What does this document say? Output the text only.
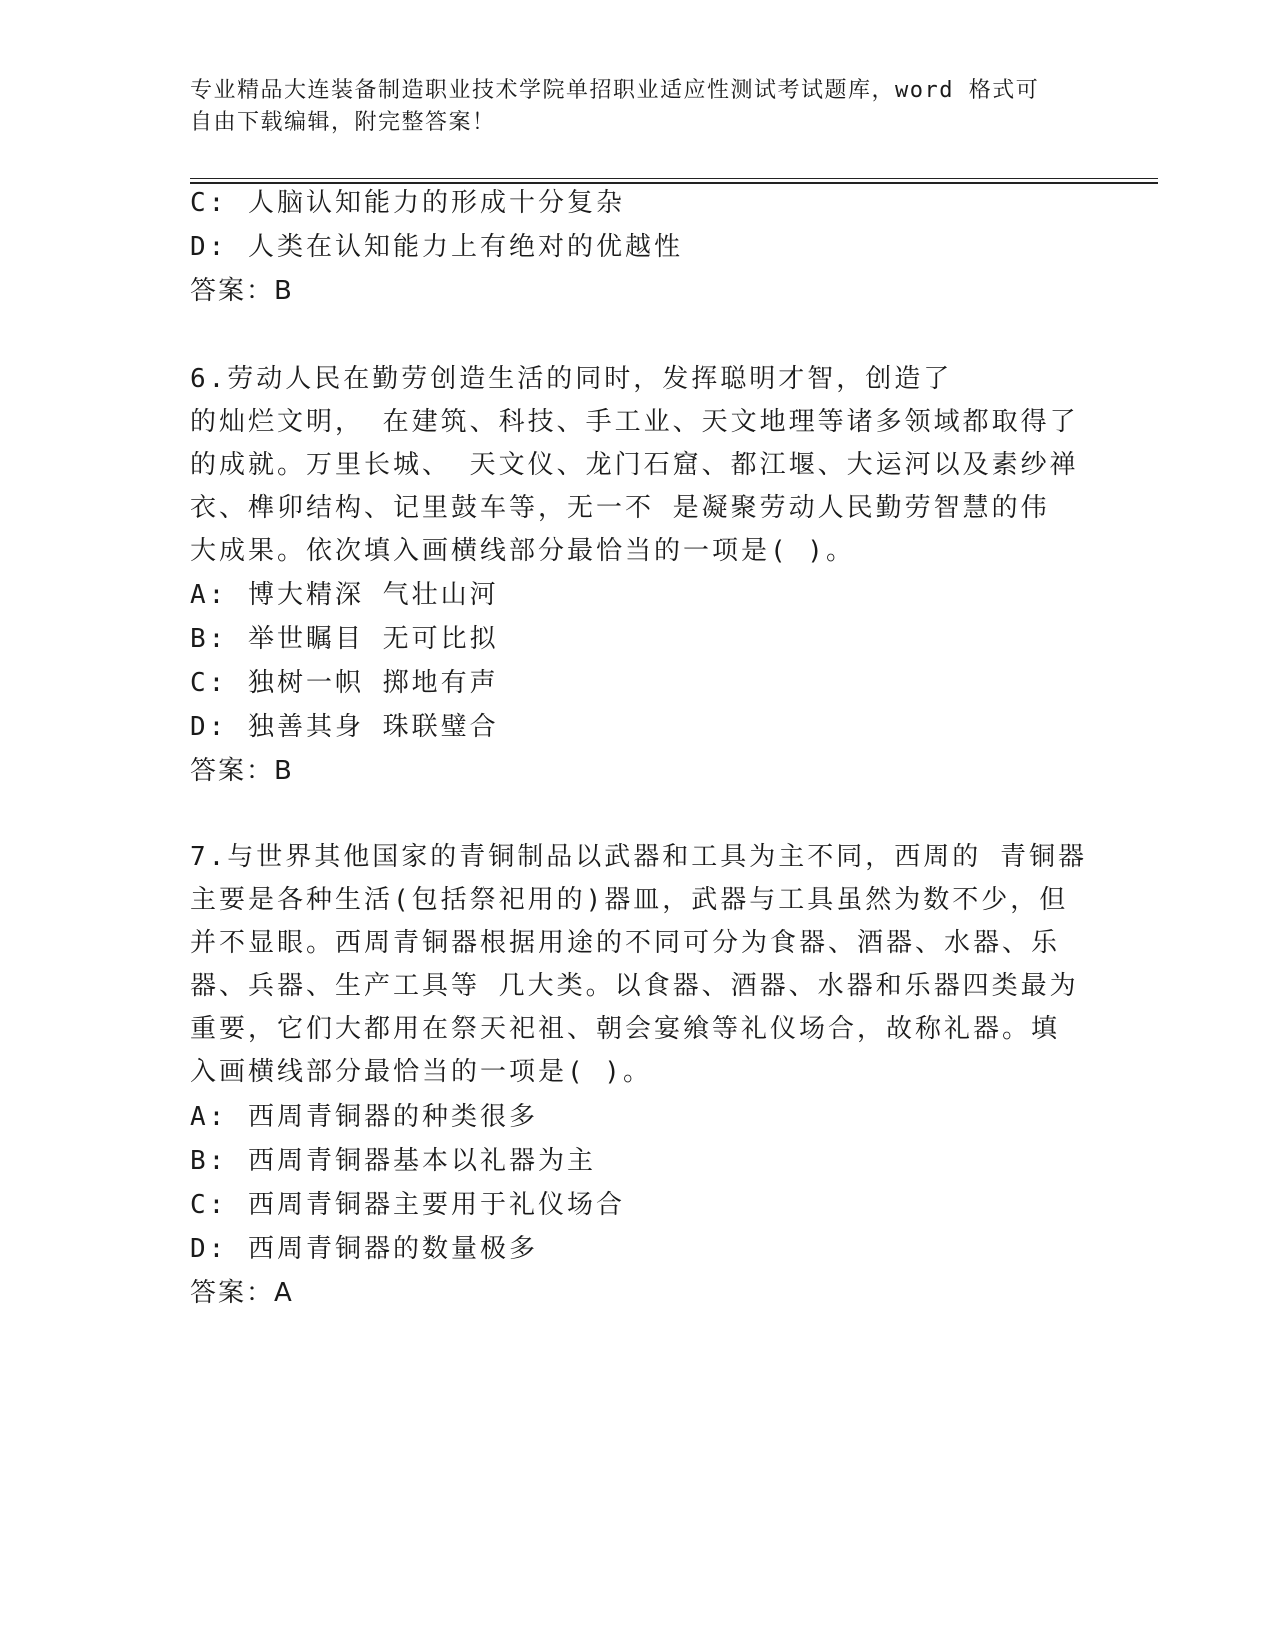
专业精品大连装备制造职业技术学院单招职业适应性测试考试题库，word 格式可
自由下载编辑，附完整答案！
C: 人脑认知能力的形成十分复杂
D: 人类在认知能力上有绝对的优越性
答案：B
6.劳动人民在勤劳创造生活的同时，发挥聪明才智，创造了
的灿烂文明， 在建筑、科技、手工业、天文地理等诸多领域都取得了
的成就。万里长城、 天文仪、龙门石窟、都江堰、大运河以及素纱禅
衣、榫卯结构、记里鼓车等，无一不 是凝聚劳动人民勤劳智慧的伟
大成果。依次填入画横线部分最恰当的一项是( )。
A: 博大精深 气壮山河
B: 举世瞩目 无可比拟
C: 独树一帜 掷地有声
D: 独善其身 珠联璧合
答案：B
7.与世界其他国家的青铜制品以武器和工具为主不同，西周的 青铜器
主要是各种生活(包括祭祀用的)器皿，武器与工具虽然为数不少，但
并不显眼。西周青铜器根据用途的不同可分为食器、酒器、水器、乐
器、兵器、生产工具等 几大类。以食器、酒器、水器和乐器四类最为
重要，它们大都用在祭天祀祖、朝会宴飨等礼仪场合，故称礼器。填
入画横线部分最恰当的一项是( )。
A: 西周青铜器的种类很多
B: 西周青铜器基本以礼器为主
C: 西周青铜器主要用于礼仪场合
D: 西周青铜器的数量极多
答案：A
